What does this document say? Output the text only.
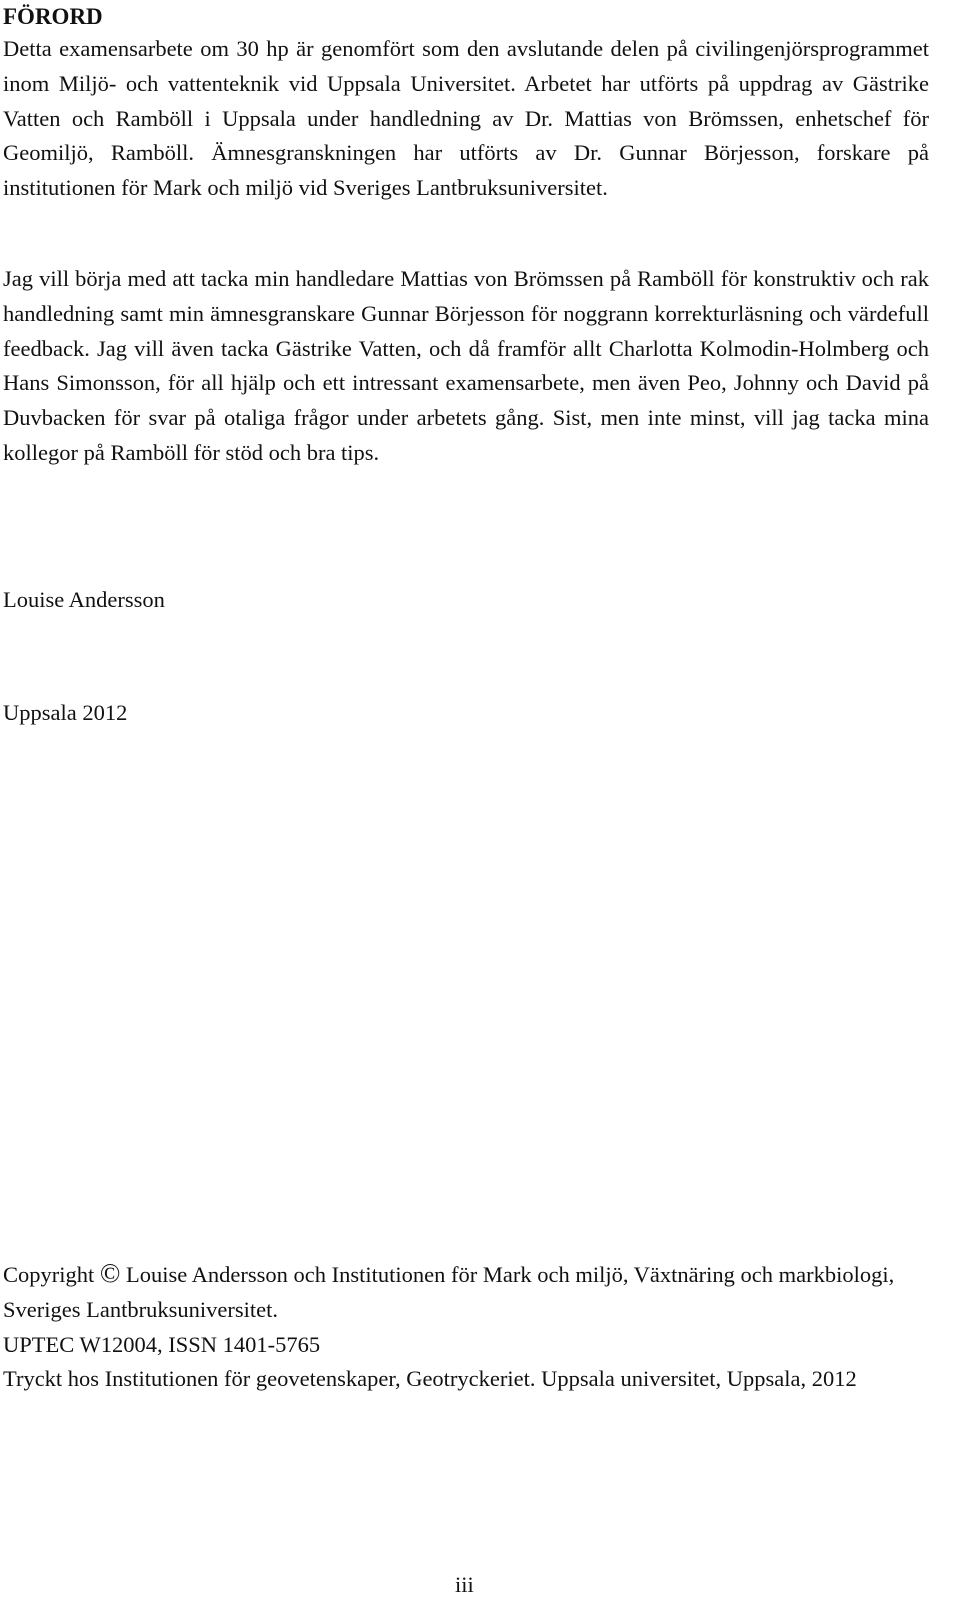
FÖRORD

Detta examensarbete om 30 hp är genomfört som den avslutande delen på civilingenjörsprogrammet inom Miljö- och vattenteknik vid Uppsala Universitet. Arbetet har utförts på uppdrag av Gästrike Vatten och Ramböll i Uppsala under handledning av Dr. Mattias von Brömssen, enhetschef för Geomiljö, Ramböll. Ämnesgranskningen har utförts av Dr. Gunnar Börjesson, forskare på institutionen för Mark och miljö vid Sveriges Lantbruksuniversitet.

Jag vill börja med att tacka min handledare Mattias von Brömssen på Ramböll för konstruktiv och rak handledning samt min ämnesgranskare Gunnar Börjesson för noggrann korrekturläsning och värdefull feedback. Jag vill även tacka Gästrike Vatten, och då framför allt Charlotta Kolmodin-Holmberg och Hans Simonsson, för all hjälp och ett intressant examensarbete, men även Peo, Johnny och David på Duvbacken för svar på otaliga frågor under arbetets gång. Sist, men inte minst, vill jag tacka mina kollegor på Ramböll för stöd och bra tips.

Louise Andersson

Uppsala 2012

Copyright © Louise Andersson och Institutionen för Mark och miljö, Växtnäring och markbiologi, Sveriges Lantbruksuniversitet.

UPTEC W12004, ISSN 1401-5765

Tryckt hos Institutionen för geovetenskaper, Geotryckeriet. Uppsala universitet, Uppsala, 2012

iii
